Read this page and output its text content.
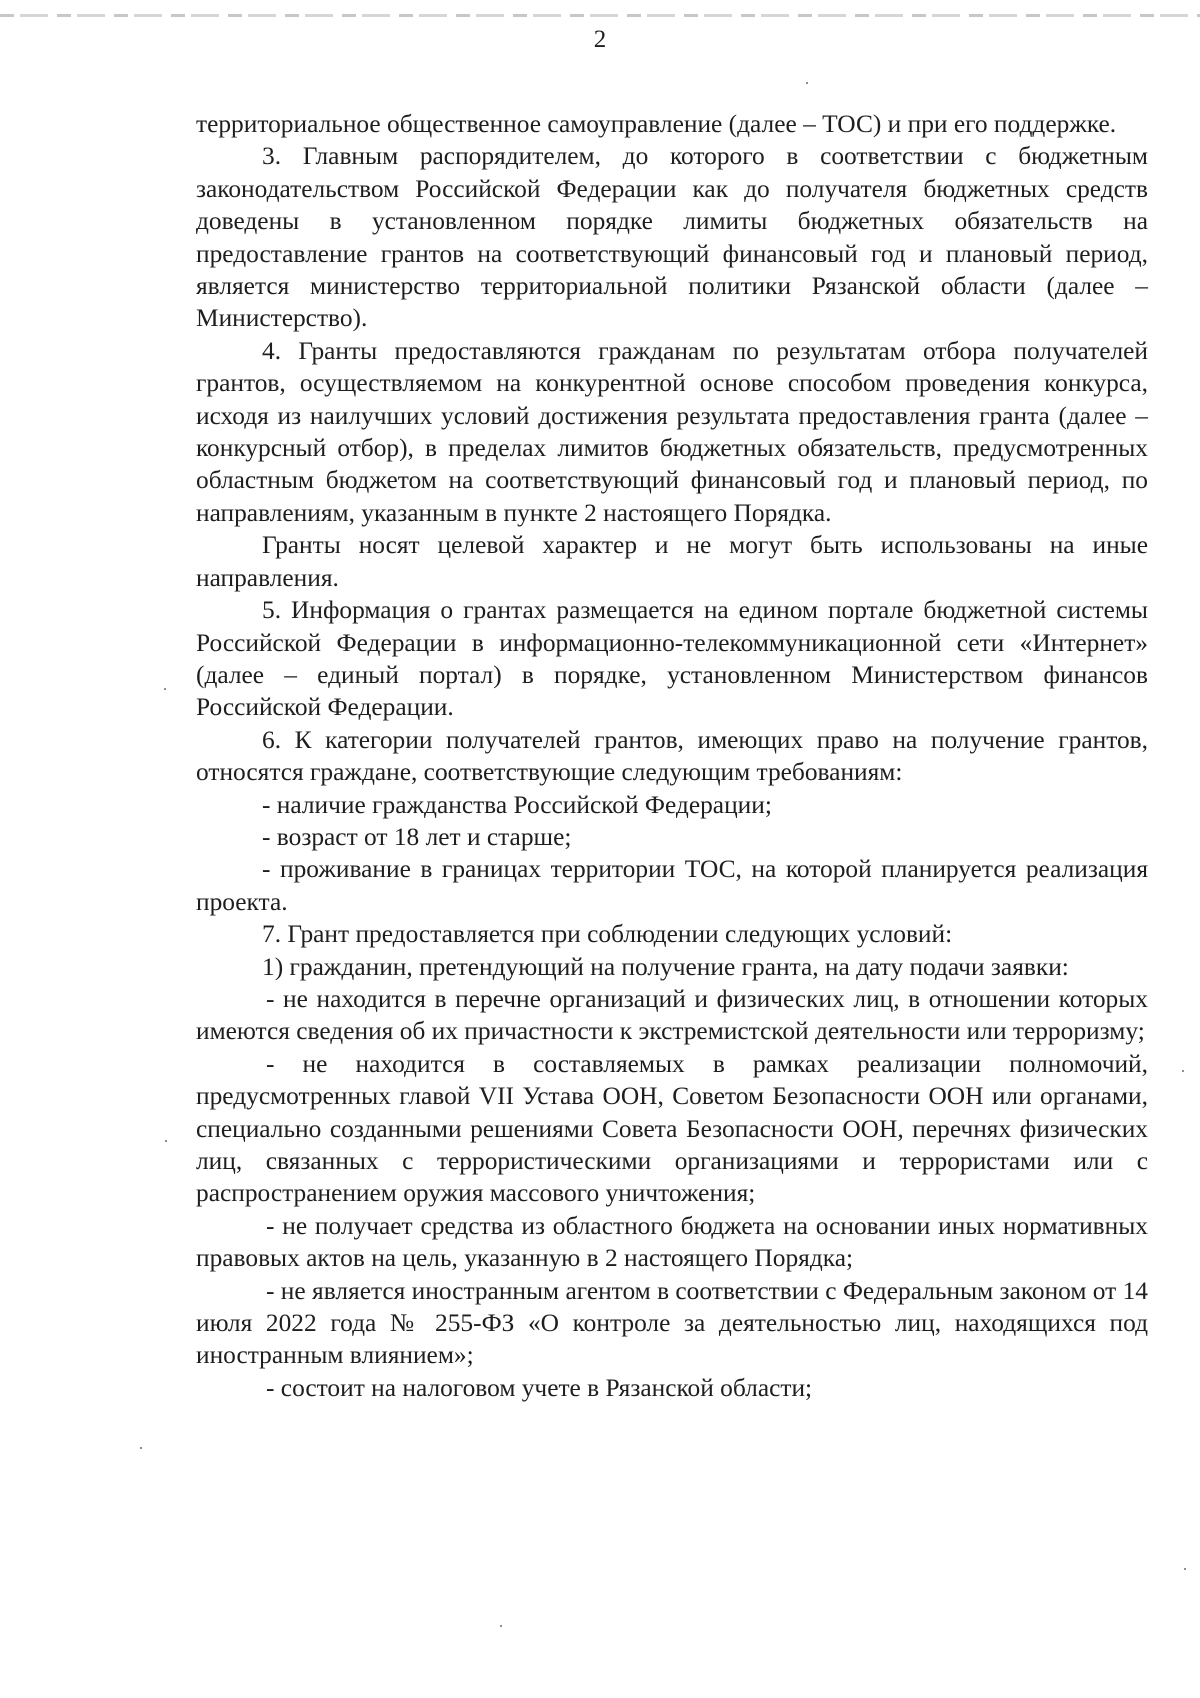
2

территориальное общественное самоуправление (далее – ТОС) и при его поддержке.

3. Главным распорядителем, до которого в соответствии с бюджетным законодательством Российской Федерации как до получателя бюджетных средств доведены в установленном порядке лимиты бюджетных обязательств на предоставление грантов на соответствующий финансовый год и плановый период, является министерство территориальной политики Рязанской области (далее – Министерство).

4. Гранты предоставляются гражданам по результатам отбора получателей грантов, осуществляемом на конкурентной основе способом проведения конкурса, исходя из наилучших условий достижения результата предоставления гранта (далее – конкурсный отбор), в пределах лимитов бюджетных обязательств, предусмотренных областным бюджетом на соответствующий финансовый год и плановый период, по направлениям, указанным в пункте 2 настоящего Порядка.

Гранты носят целевой характер и не могут быть использованы на иные направления.

5. Информация о грантах размещается на едином портале бюджетной системы Российской Федерации в информационно-телекоммуникационной сети «Интернет» (далее – единый портал) в порядке, установленном Министерством финансов Российской Федерации.

6. К категории получателей грантов, имеющих право на получение грантов, относятся граждане, соответствующие следующим требованиям:

- наличие гражданства Российской Федерации;

- возраст от 18 лет и старше;

- проживание в границах территории ТОС, на которой планируется реализация проекта.

7. Грант предоставляется при соблюдении следующих условий:

1) гражданин, претендующий на получение гранта, на дату подачи заявки:

- не находится в перечне организаций и физических лиц, в отношении которых имеются сведения об их причастности к экстремистской деятельности или терроризму;

- не находится в составляемых в рамках реализации полномочий, предусмотренных главой VII Устава ООН, Советом Безопасности ООН или органами, специально созданными решениями Совета Безопасности ООН, перечнях физических лиц, связанных с террористическими организациями и террористами или с распространением оружия массового уничтожения;

- не получает средства из областного бюджета на основании иных нормативных правовых актов на цель, указанную в 2 настоящего Порядка;

- не является иностранным агентом в соответствии с Федеральным законом от 14 июля 2022 года № 255-ФЗ «О контроле за деятельностью лиц, находящихся под иностранным влиянием»;

- состоит на налоговом учете в Рязанской области;
